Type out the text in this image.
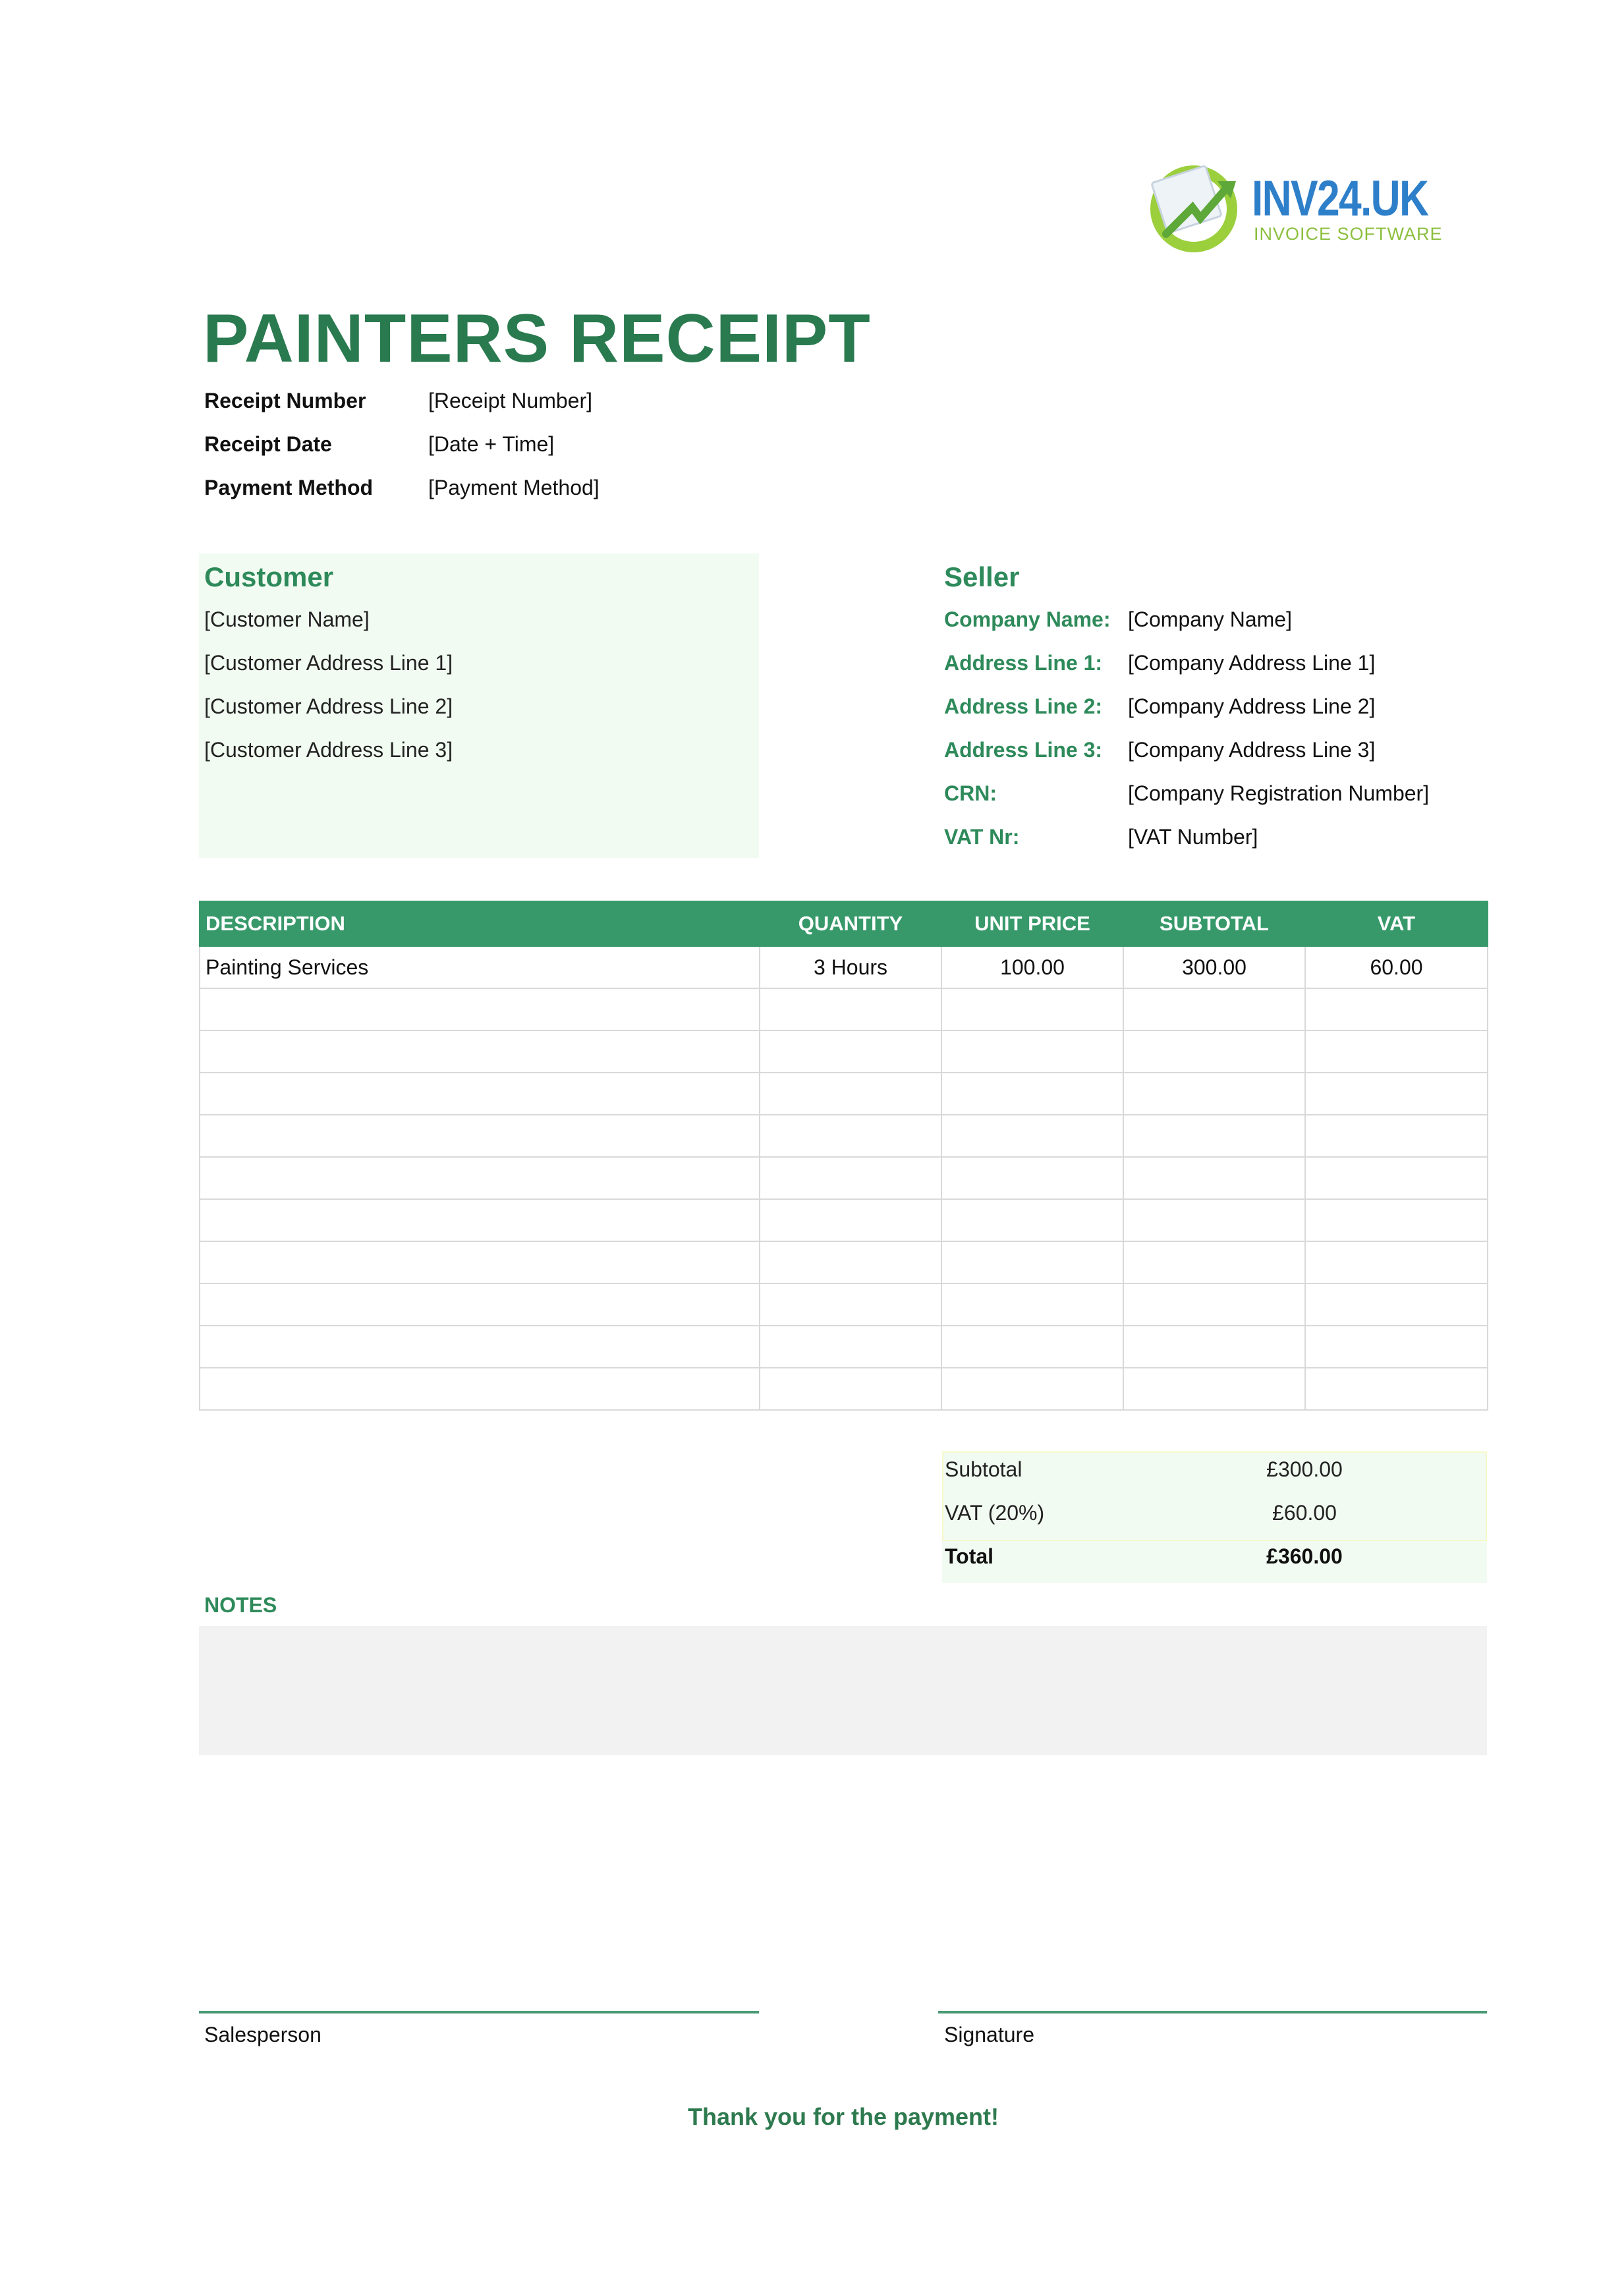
INV24.UK
INVOICE SOFTWARE
PAINTERS RECEIPT
Receipt Number	[Receipt Number]
Receipt Date	[Date + Time]
Payment Method	[Payment Method]
Customer
[Customer Name]
[Customer Address Line 1]
[Customer Address Line 2]
[Customer Address Line 3]
Seller
Company Name: [Company Name]
Address Line 1: [Company Address Line 1]
Address Line 2: [Company Address Line 2]
Address Line 3: [Company Address Line 3]
CRN:	[Company Registration Number]
VAT Nr:	[VAT Number]
DESCRIPTION	QUANTITY	UNIT PRICE	SUBTOTAL	VAT
Painting Services	3 Hours	100.00	300.00	60.00

Subtotal	£300.00
VAT (20%)	£60.00
Total	£360.00
NOTES
Salesperson	Signature
Thank you for the payment!
